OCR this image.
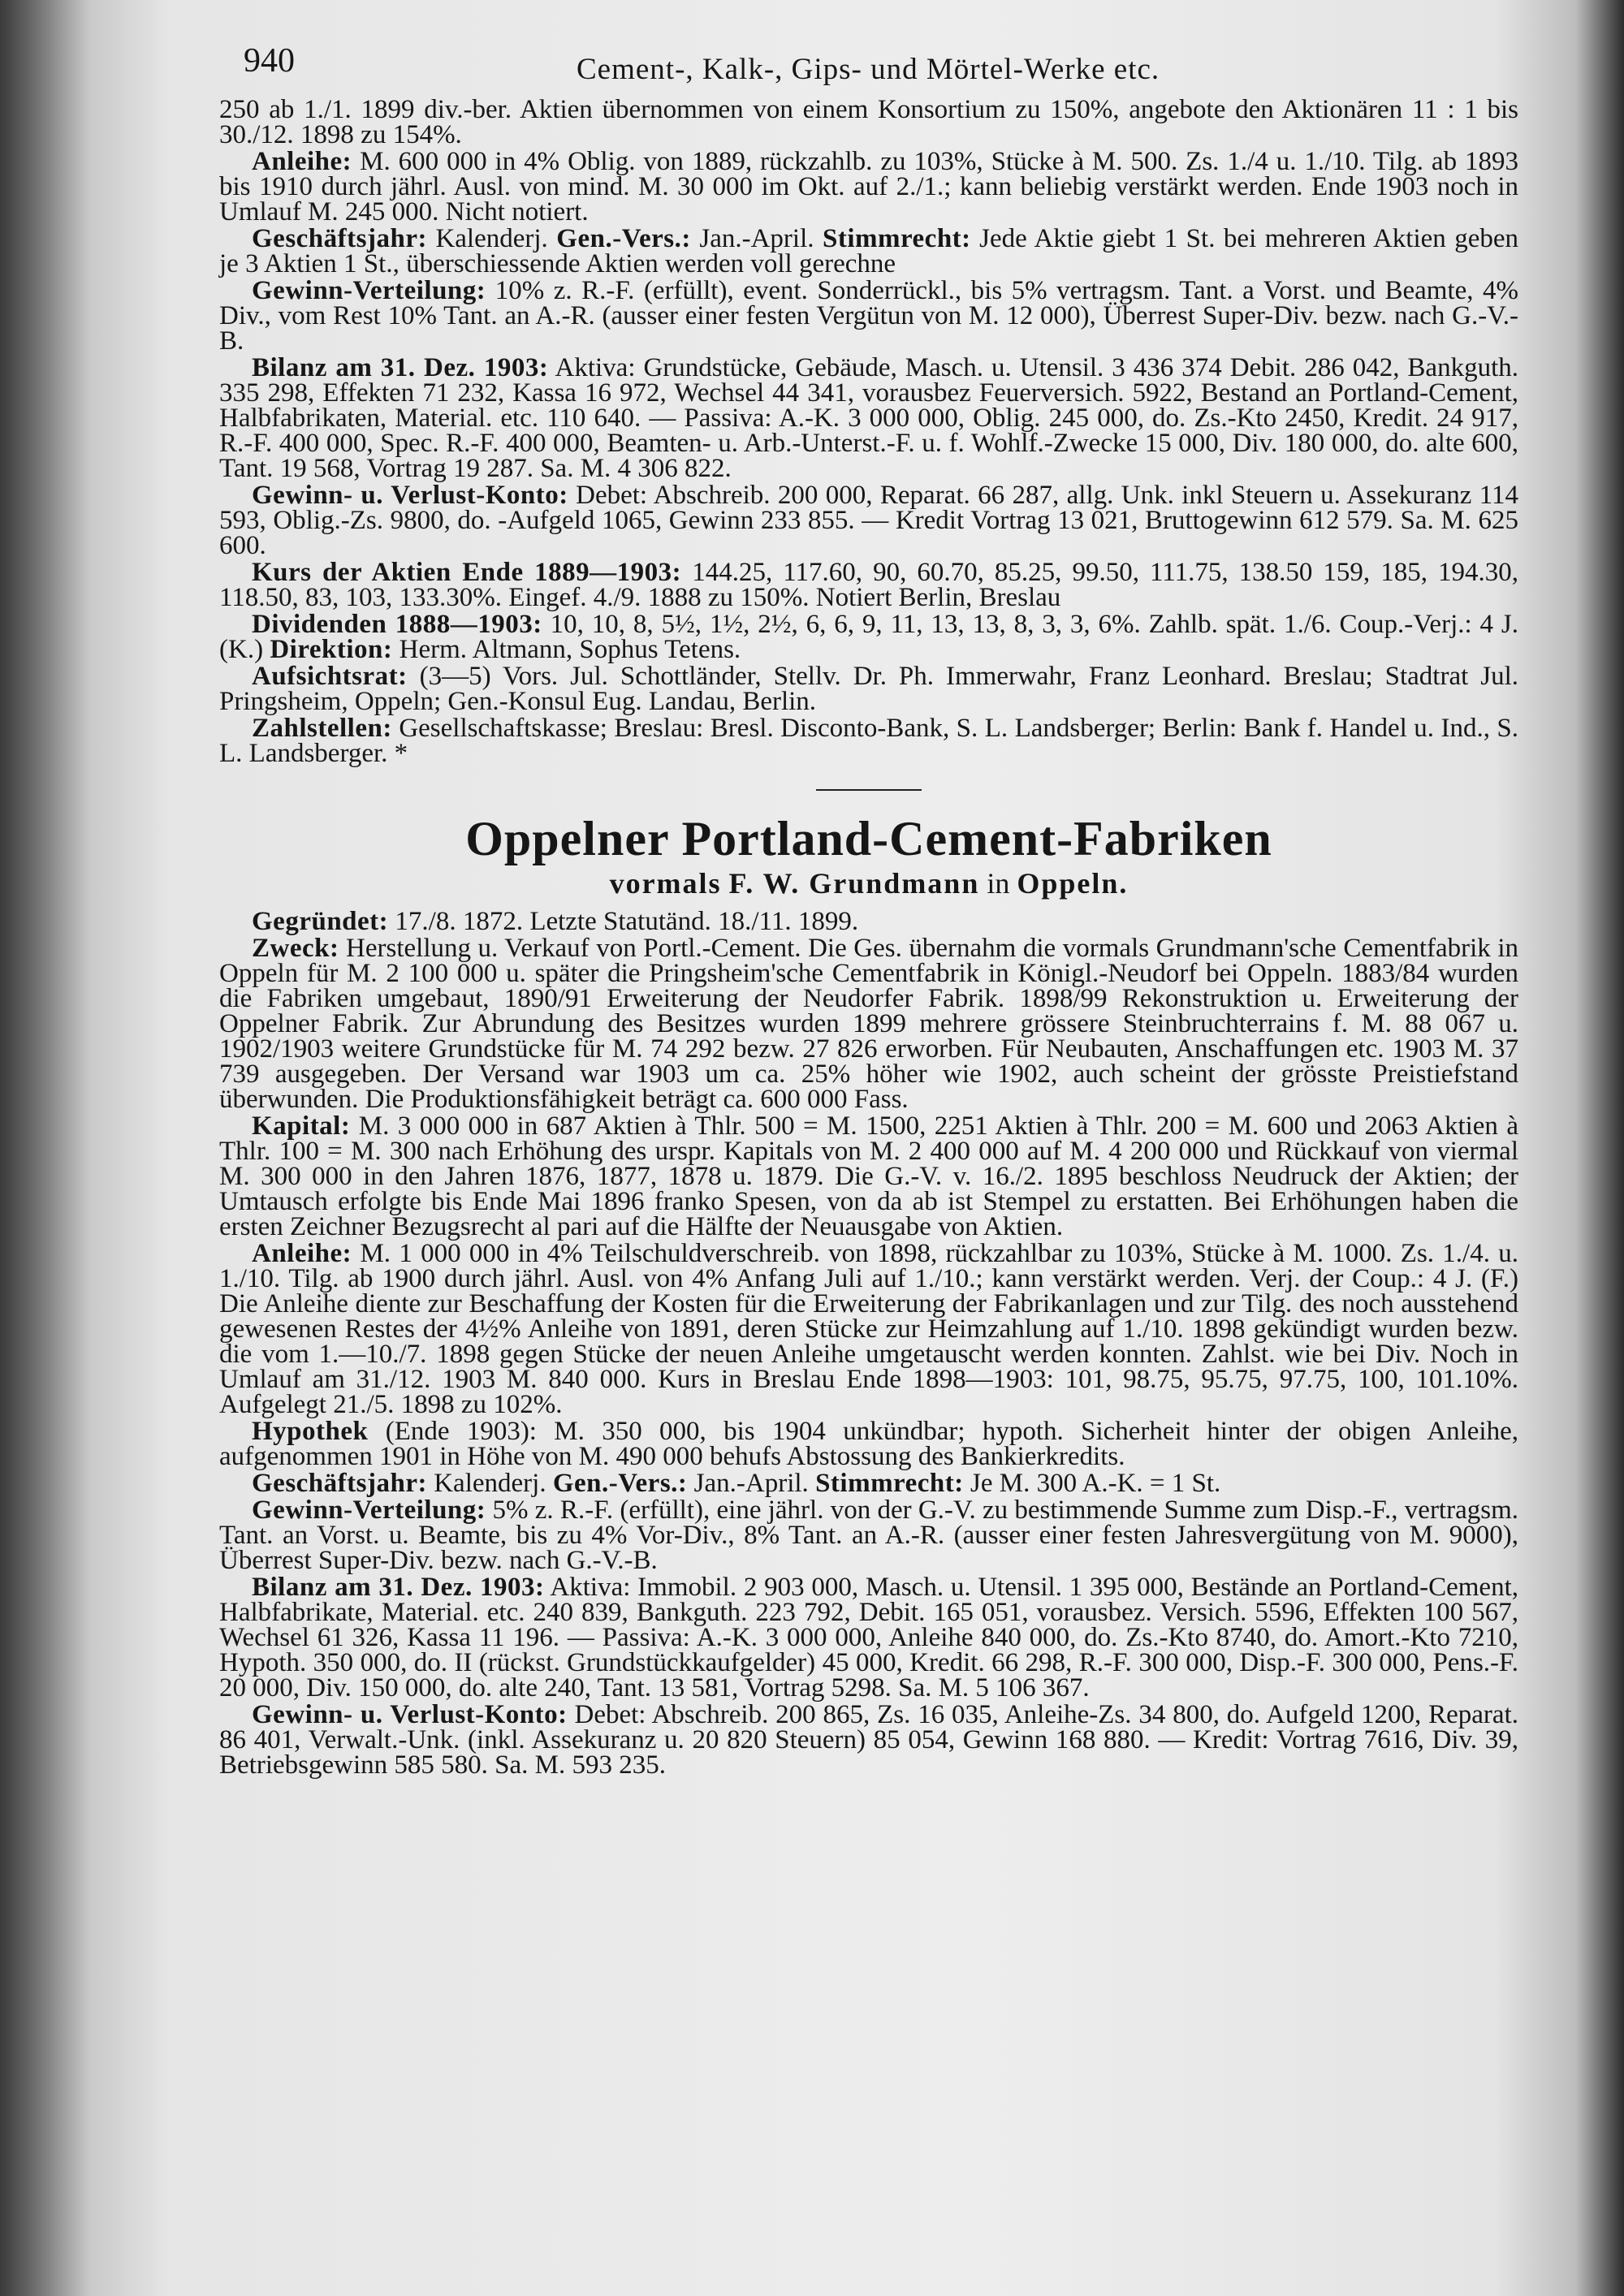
940	Cement-, Kalk-, Gips- und Mörtel-Werke etc.

250 ab 1./1. 1899 div.-ber. Aktien übernommen von einem Konsortium zu 150%, angebote den Aktionären 11 : 1 bis 30./12. 1898 zu 154%.

Anleihe: M. 600 000 in 4% Oblig. von 1889, rückzahlb. zu 103%, Stücke à M. 500. Zs. 1./4 u. 1./10. Tilg. ab 1893 bis 1910 durch jährl. Ausl. von mind. M. 30 000 im Okt. auf 2./1.; kann beliebig verstärkt werden. Ende 1903 noch in Umlauf M. 245 000. Nicht notiert.

Geschäftsjahr: Kalenderj. Gen.-Vers.: Jan.-April. Stimmrecht: Jede Aktie giebt 1 St. bei mehreren Aktien geben je 3 Aktien 1 St., überschiessende Aktien werden voll gerechne

Gewinn-Verteilung: 10% z. R.-F. (erfüllt), event. Sonderrückl., bis 5% vertragsm. Tant. a Vorst. und Beamte, 4% Div., vom Rest 10% Tant. an A.-R. (ausser einer festen Vergütun von M. 12 000), Überrest Super-Div. bezw. nach G.-V.-B.

Bilanz am 31. Dez. 1903: Aktiva: Grundstücke, Gebäude, Masch. u. Utensil. 3 436 374 Debit. 286 042, Bankguth. 335 298, Effekten 71 232, Kassa 16 972, Wechsel 44 341, vorausbez Feuerversich. 5922, Bestand an Portland-Cement, Halbfabrikaten, Material. etc. 110 640. — Passiva: A.-K. 3 000 000, Oblig. 245 000, do. Zs.-Kto 2450, Kredit. 24 917, R.-F. 400 000, Spec. R.-F. 400 000, Beamten- u. Arb.-Unterst.-F. u. f. Wohlf.-Zwecke 15 000, Div. 180 000, do. alte 600, Tant. 19 568, Vortrag 19 287. Sa. M. 4 306 822.

Gewinn- u. Verlust-Konto: Debet: Abschreib. 200 000, Reparat. 66 287, allg. Unk. inkl Steuern u. Assekuranz 114 593, Oblig.-Zs. 9800, do. -Aufgeld 1065, Gewinn 233 855. — Kredit Vortrag 13 021, Bruttogewinn 612 579. Sa. M. 625 600.

Kurs der Aktien Ende 1889—1903: 144.25, 117.60, 90, 60.70, 85.25, 99.50, 111.75, 138.50 159, 185, 194.30, 118.50, 83, 103, 133.30%. Eingef. 4./9. 1888 zu 150%. Notiert Berlin, Breslau

Dividenden 1888—1903: 10, 10, 8, 5½, 1½, 2½, 6, 6, 9, 11, 13, 13, 8, 3, 3, 6%. Zahlb. spät. 1./6. Coup.-Verj.: 4 J. (K.) Direktion: Herm. Altmann, Sophus Tetens.

Aufsichtsrat: (3—5) Vors. Jul. Schottländer, Stellv. Dr. Ph. Immerwahr, Franz Leonhard. Breslau; Stadtrat Jul. Pringsheim, Oppeln; Gen.-Konsul Eug. Landau, Berlin.

Zahlstellen: Gesellschaftskasse; Breslau: Bresl. Disconto-Bank, S. L. Landsberger; Berlin: Bank f. Handel u. Ind., S. L. Landsberger. *

Oppelner Portland-Cement-Fabriken
vormals F. W. Grundmann in Oppeln.

Gegründet: 17./8. 1872. Letzte Statutänd. 18./11. 1899.

Zweck: Herstellung u. Verkauf von Portl.-Cement. Die Ges. übernahm die vormals Grundmann'sche Cementfabrik in Oppeln für M. 2 100 000 u. später die Pringsheim'sche Cementfabrik in Königl.-Neudorf bei Oppeln. 1883/84 wurden die Fabriken umgebaut, 1890/91 Erweiterung der Neudorfer Fabrik. 1898/99 Rekonstruktion u. Erweiterung der Oppelner Fabrik. Zur Abrundung des Besitzes wurden 1899 mehrere grössere Steinbruchterrains f. M. 88 067 u. 1902/1903 weitere Grundstücke für M. 74 292 bezw. 27 826 erworben. Für Neubauten, Anschaffungen etc. 1903 M. 37 739 ausgegeben. Der Versand war 1903 um ca. 25% höher wie 1902, auch scheint der grösste Preistiefstand überwunden. Die Produktionsfähigkeit beträgt ca. 600 000 Fass.

Kapital: M. 3 000 000 in 687 Aktien à Thlr. 500 = M. 1500, 2251 Aktien à Thlr. 200 = M. 600 und 2063 Aktien à Thlr. 100 = M. 300 nach Erhöhung des urspr. Kapitals von M. 2 400 000 auf M. 4 200 000 und Rückkauf von viermal M. 300 000 in den Jahren 1876, 1877, 1878 u. 1879. Die G.-V. v. 16./2. 1895 beschloss Neudruck der Aktien; der Umtausch erfolgte bis Ende Mai 1896 franko Spesen, von da ab ist Stempel zu erstatten. Bei Erhöhungen haben die ersten Zeichner Bezugsrecht al pari auf die Hälfte der Neuausgabe von Aktien.

Anleihe: M. 1 000 000 in 4% Teilschuldverschreib. von 1898, rückzahlbar zu 103%, Stücke à M. 1000. Zs. 1./4. u. 1./10. Tilg. ab 1900 durch jährl. Ausl. von 4% Anfang Juli auf 1./10.; kann verstärkt werden. Verj. der Coup.: 4 J. (F.) Die Anleihe diente zur Beschaffung der Kosten für die Erweiterung der Fabrikanlagen und zur Tilg. des noch ausstehend gewesenen Restes der 4½% Anleihe von 1891, deren Stücke zur Heimzahlung auf 1./10. 1898 gekündigt wurden bezw. die vom 1.—10./7. 1898 gegen Stücke der neuen Anleihe umgetauscht werden konnten. Zahlst. wie bei Div. Noch in Umlauf am 31./12. 1903 M. 840 000. Kurs in Breslau Ende 1898—1903: 101, 98.75, 95.75, 97.75, 100, 101.10%. Aufgelegt 21./5. 1898 zu 102%.

Hypothek (Ende 1903): M. 350 000, bis 1904 unkündbar; hypoth. Sicherheit hinter der obigen Anleihe, aufgenommen 1901 in Höhe von M. 490 000 behufs Abstossung des Bankierkredits.

Geschäftsjahr: Kalenderj. Gen.-Vers.: Jan.-April. Stimmrecht: Je M. 300 A.-K. = 1 St.

Gewinn-Verteilung: 5% z. R.-F. (erfüllt), eine jährl. von der G.-V. zu bestimmende Summe zum Disp.-F., vertragsm. Tant. an Vorst. u. Beamte, bis zu 4% Vor-Div., 8% Tant. an A.-R. (ausser einer festen Jahresvergütung von M. 9000), Überrest Super-Div. bezw. nach G.-V.-B.

Bilanz am 31. Dez. 1903: Aktiva: Immobil. 2 903 000, Masch. u. Utensil. 1 395 000, Bestände an Portland-Cement, Halbfabrikate, Material. etc. 240 839, Bankguth. 223 792, Debit. 165 051, vorausbez. Versich. 5596, Effekten 100 567, Wechsel 61 326, Kassa 11 196. — Passiva: A.-K. 3 000 000, Anleihe 840 000, do. Zs.-Kto 8740, do. Amort.-Kto 7210, Hypoth. 350 000, do. II (rückst. Grundstückkaufgelder) 45 000, Kredit. 66 298, R.-F. 300 000, Disp.-F. 300 000, Pens.-F. 20 000, Div. 150 000, do. alte 240, Tant. 13 581, Vortrag 5298. Sa. M. 5 106 367.

Gewinn- u. Verlust-Konto: Debet: Abschreib. 200 865, Zs. 16 035, Anleihe-Zs. 34 800, do. Aufgeld 1200, Reparat. 86 401, Verwalt.-Unk. (inkl. Assekuranz u. 20 820 Steuern) 85 054, Gewinn 168 880. — Kredit: Vortrag 7616, Div. 39, Betriebsgewinn 585 580. Sa. M. 593 235.
